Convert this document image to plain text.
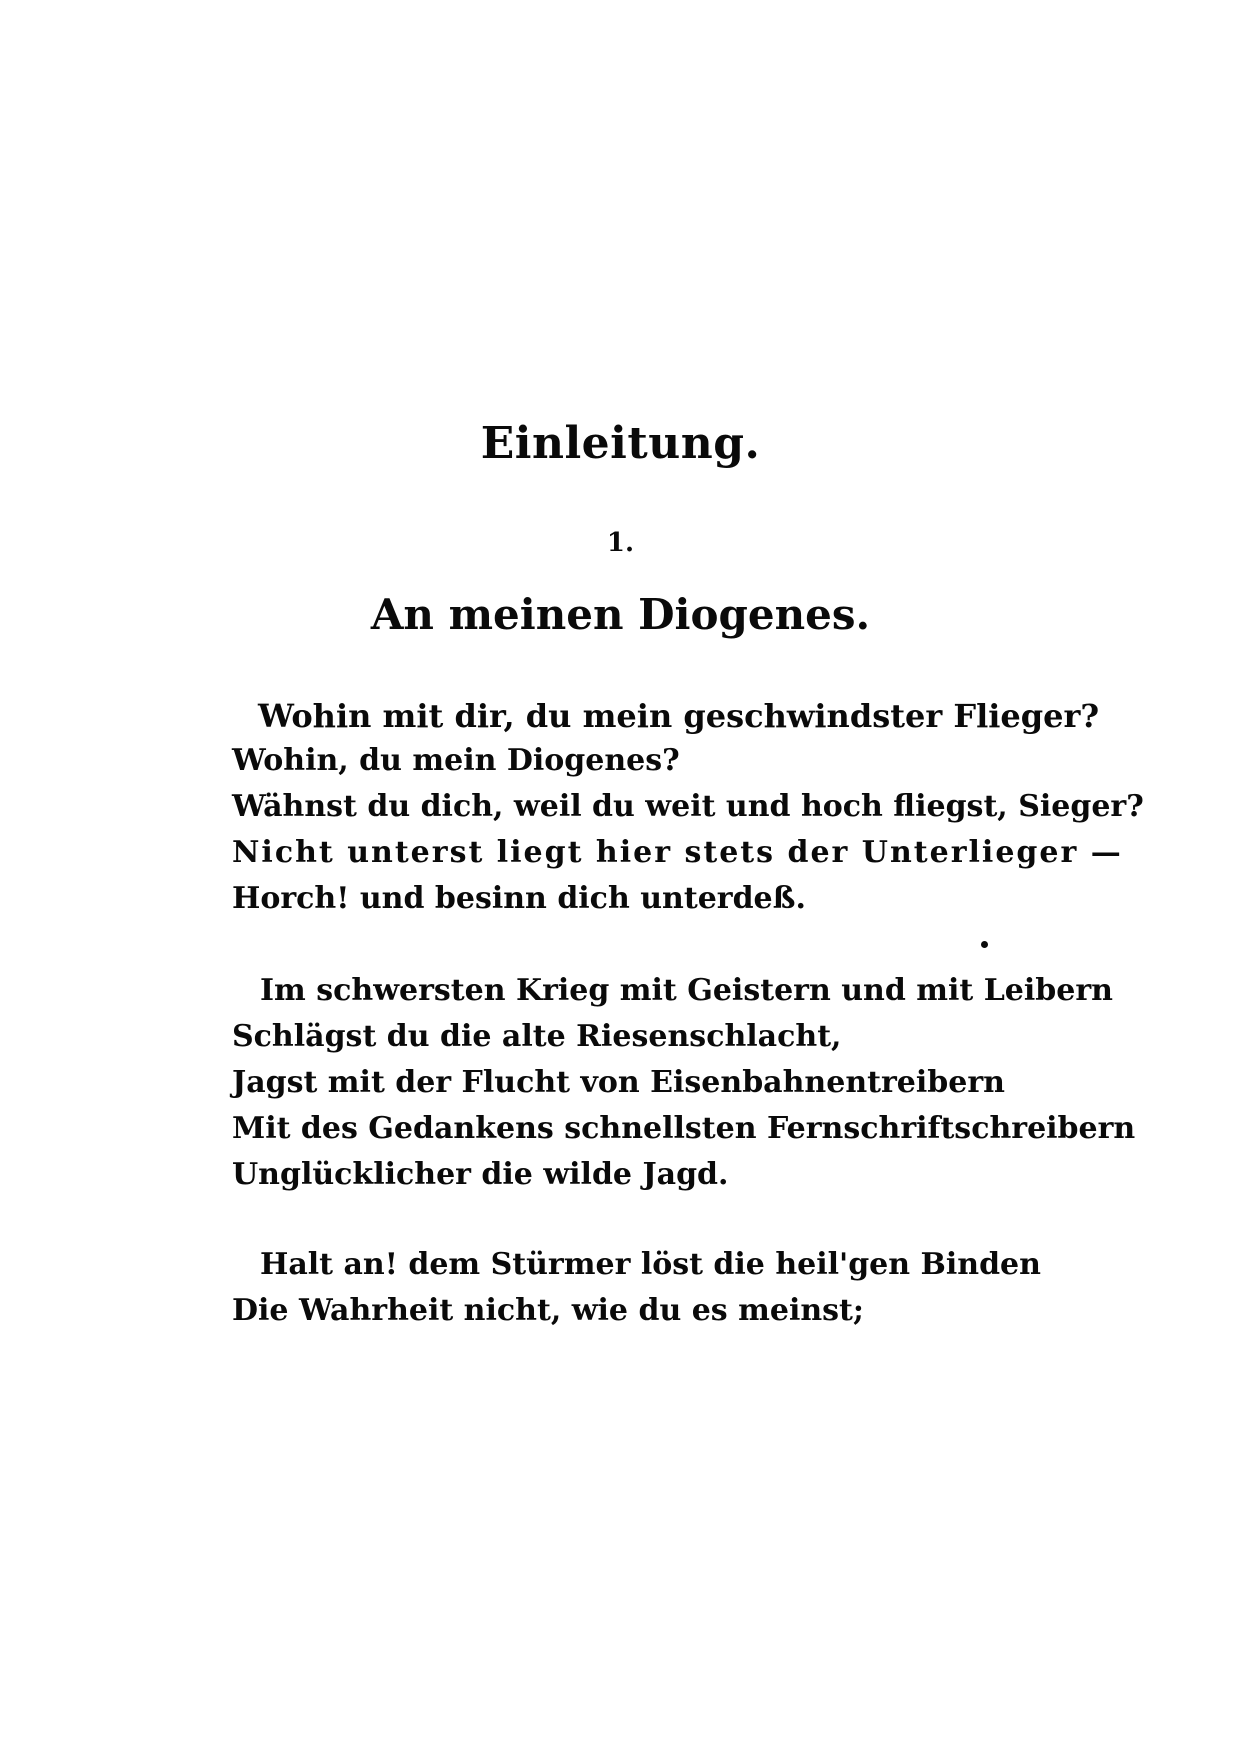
Einleitung.
1.
An meinen Diogenes.
Wohin mit dir, du mein geschwindster Flieger?
Wohin, du mein Diogenes?
Wähnst du dich, weil du weit und hoch fliegst, Sieger?
Nicht unterst liegt hier stets der Unterlieger —
Horch! und besinn dich unterdeß.
Im schwersten Krieg mit Geistern und mit Leibern
Schlägst du die alte Riesenschlacht,
Jagst mit der Flucht von Eisenbahnentreibern
Mit des Gedankens schnellsten Fernschriftschreibern
Unglücklicher die wilde Jagd.
Halt an! dem Stürmer löst die heil'gen Binden
Die Wahrheit nicht, wie du es meinst;
